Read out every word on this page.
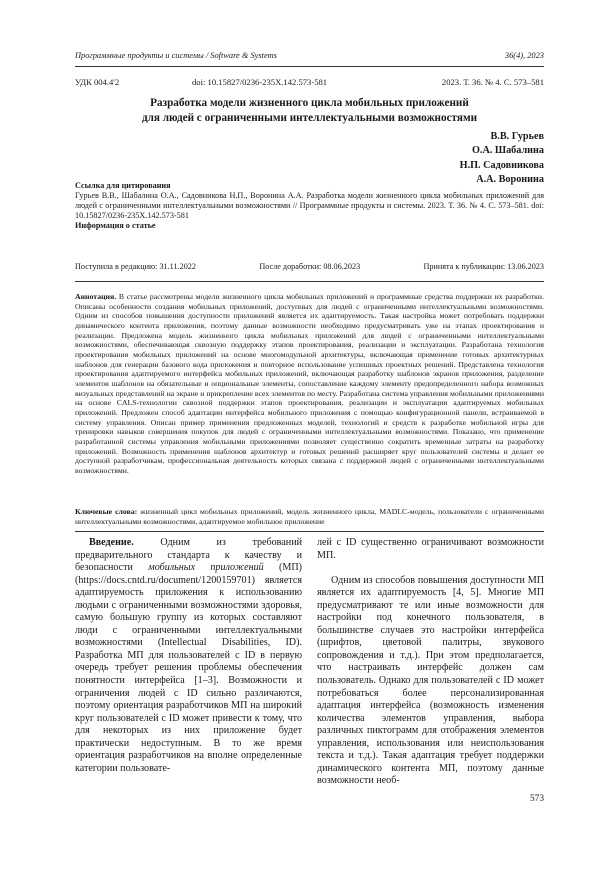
Программные продукты и системы / Software & Systems	36(4), 2023
УДК 004.4'2	doi: 10.15827/0236-235X.142.573-581	2023. Т. 36. № 4. С. 573–581
Разработка модели жизненного цикла мобильных приложений
для людей с ограниченными интеллектуальными возможностями
В.В. Гурьев
О.А. Шабалина
Н.П. Садовникова
А.А. Воронина
Ссылка для цитирования
Гурьев В.В., Шабалина О.А., Садовникова Н.П., Воронина А.А. Разработка модели жизненного цикла мобильных приложений для людей с ограниченными интеллектуальными возможностями // Программные продукты и системы. 2023. Т. 36. № 4. С. 573–581. doi: 10.15827/0236-235X.142.573-581
Информация о статье
Поступила в редакцию: 31.11.2022	После доработки: 08.06.2023	Принята к публикации: 13.06.2023
Аннотация. В статье рассмотрены модели жизненного цикла мобильных приложений и программные средства поддержки их разработки. Описаны особенности создания мобильных приложений, доступных для людей с ограниченными интеллектуальными возможностями. Одним из способов повышения доступности приложений является их адаптируемость. Такая настройка может потребовать поддержки динамического контента приложения, поэтому данные возможности необходимо предусматривать уже на этапах проектирования и реализации. Предложена модель жизненного цикла мобильных приложений для людей с ограниченными интеллектуальными возможностями, обеспечивающая сквозную поддержку этапов проектирования, реализации и эксплуатации. Разработана технология проектирования мобильных приложений на основе многомодульной архитектуры, включающая применение готовых архитектурных шаблонов для генерации базового кода приложения и повторное использование успешных проектных решений. Представлена технология проектирования адаптируемого интерфейса мобильных приложений, включающая разработку шаблонов экранов приложения, разделение элементов шаблонов на обязательные и опциональные элементы, сопоставление каждому элементу предопределенного набора возможных визуальных представлений на экране и прикрепление всех элементов по месту. Разработана система управления мобильными приложениями на основе CALS-технологии сквозной поддержки этапов проектирования, реализации и эксплуатации адаптируемых мобильных приложений. Предложен способ адаптации интерфейса мобильного приложения с помощью конфигурационной панели, встраиваемой в систему управления. Описан пример применения предложенных моделей, технологий и средств к разработке мобильной игры для тренировки навыков совершения покупок для людей с ограниченными интеллектуальными возможностями. Показано, что применение разработанной системы управления мобильными приложениями позволяет существенно сократить временные затраты на разработку приложений. Возможность применения шаблонов архитектур и готовых решений расширяет круг пользователей системы и делает ее доступной разработчикам, профессиональная деятельность которых связана с поддержкой людей с ограниченными интеллектуальными возможностями.
Ключевые слова: жизненный цикл мобильных приложений, модель жизненного цикла, MADLC-модель, пользователи с ограниченными интеллектуальными возможностями, адаптируемое мобильное приложение
Введение.	Одним из требований предварительного стандарта к качеству и безопасности мобильных приложений (МП) (https://docs.cntd.ru/document/1200159701) является адаптируемость приложения к использованию людьми с ограниченными возможностями здоровья, самую большую группу из которых составляют люди с ограниченными интеллектуальными возможностями (Intellectual Disabilities, ID). Разработка МП для пользователей с ID в первую очередь требует решения проблемы обеспечения понятности интерфейса [1–3]. Возможности и ограничения людей с ID сильно различаются, поэтому ориентация разработчиков МП на широкий круг пользователей с ID может привести к тому, что для некоторых из них приложение будет практически недоступным. В то же время ориентация разработчиков на вполне определенные категории пользовате-

лей с ID существенно ограничивают возможности МП.

Одним из способов повышения доступности МП является их адаптируемость [4, 5]. Многие МП предусматривают те или иные возможности для настройки под конечного пользователя, в большинстве случаев это настройки интерфейса (шрифтов, цветовой палитры, звукового сопровождения и т.д.). При этом предполагается, что настраивать интерфейс должен сам пользователь. Однако для пользователей с ID может потребоваться более персонализированная адаптация интерфейса (возможность изменения количества элементов управления, выбора различных пиктограмм для отображения элементов управления, использования или неиспользования текста и т.д.). Такая адаптация требует поддержки динамического контента МП, поэтому данные возможности необ-

573
